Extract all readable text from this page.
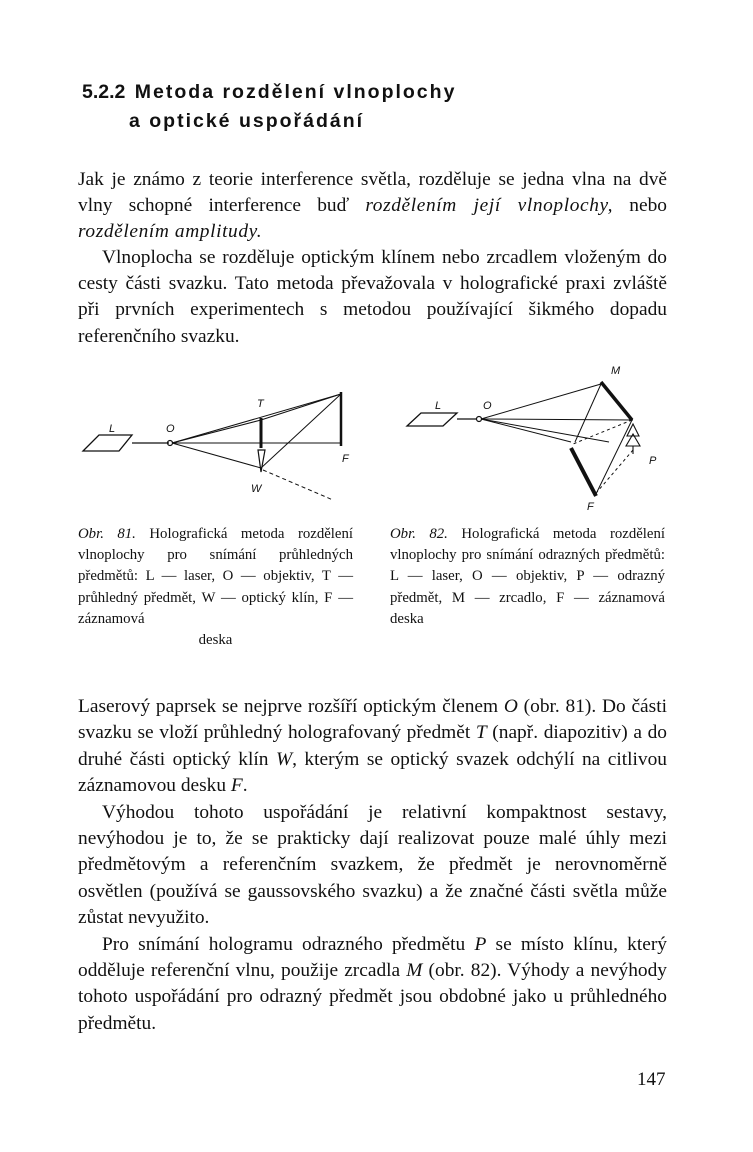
5.2.2 Metoda rozdělení vlnoplochy
a optické uspořádání

Jak je známo z teorie interference světla, rozděluje se jedna vlna na dvě vlny schopné interference buď rozdělením její vlnoplochy, nebo rozdělením amplitudy.

Vlnoplocha se rozděluje optickým klínem nebo zrcadlem vloženým do cesty části svazku. Tato metoda převažovala v holografické praxi zvláště při prvních experimentech s metodou používající šikmého dopadu referenčního svazku.

L	O
T
F
W
M
L	O
P
F
Obr. 81. Holografická metoda rozdělení vlnoplochy pro snímání průhledných předmětů: L — laser, O — objektiv, T — průhledný předmět, W — optický klín, F — záznamová
deska
Obr. 82. Holografická metoda rozdělení vlnoplochy pro snímání odrazných předmětů: L — laser, O — objektiv, P — odrazný předmět, M — zrcadlo, F — záznamová deska

Laserový paprsek se nejprve rozšíří optickým členem O (obr. 81). Do části svazku se vloží průhledný holografovaný předmět T (např. diapozitiv) a do druhé části optický klín W, kterým se optický svazek odchýlí na citlivou záznamovou desku F.

Výhodou tohoto uspořádání je relativní kompaktnost sestavy, nevýhodou je to, že se prakticky dají realizovat pouze malé úhly mezi předmětovým a referenčním svazkem, že předmět je nerovnoměrně osvětlen (používá se gaussovského svazku) a že značné části světla může zůstat nevyužito.

Pro snímání hologramu odrazného předmětu P se místo klínu, který odděluje referenční vlnu, použije zrcadla M (obr. 82). Výhody a nevýhody tohoto uspořádání pro odrazný předmět jsou obdobné jako u průhledného předmětu.

147
